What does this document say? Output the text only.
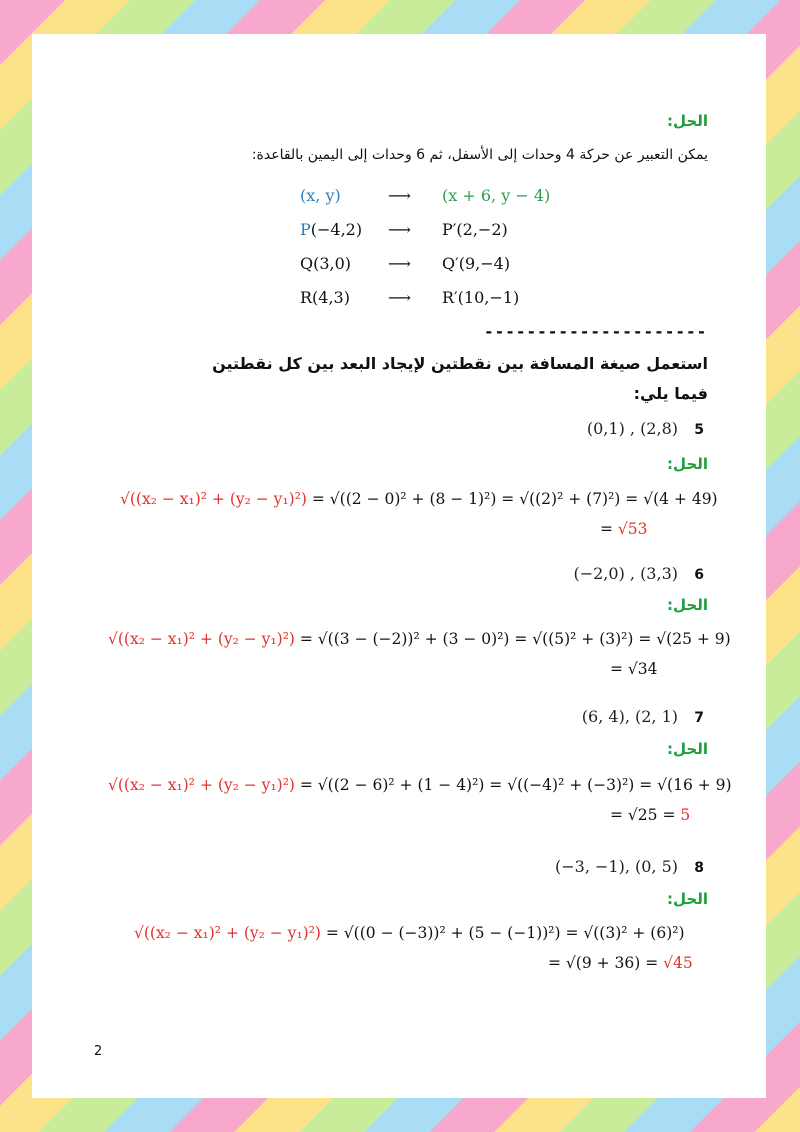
الحل:
يمكن التعبير عن حركة 4 وحدات إلى الأسفل، ثم 6 وحدات إلى اليمين بالقاعدة:
(x, y)	⟶ (x + 6, y − 4)
P(−4,2) ⟶ P′(2,−2)
Q(3,0) ⟶ Q′(9,−4)
R(4,3) ⟶ R′(10,−1)
---------------------
استعمل صيغة المسافة بين نقطتين لإيجاد البعد بين كل نقطتين
فيما يلي:
5
(0,1) , (2,8)
الحل:
√((x₂ − x₁)² + (y₂ − y₁)²) = √((2 − 0)² + (8 − 1)²) = √((2)² + (7)²) = √(4 + 49)
= √53
6
(−2,0) , (3,3)
الحل:
√((x₂ − x₁)² + (y₂ − y₁)²) = √((3 − (−2))² + (3 − 0)²) = √((5)² + (3)²) = √(25 + 9)
= √34
7
(6, 4), (2, 1)
الحل:
√((x₂ − x₁)² + (y₂ − y₁)²) = √((2 − 6)² + (1 − 4)²) = √((−4)² + (−3)²) = √(16 + 9)
= √25 = 5
8
(−3, −1), (0, 5)
الحل:
√((x₂ − x₁)² + (y₂ − y₁)²) = √((0 − (−3))² + (5 − (−1))²) = √((3)² + (6)²)
= √(9 + 36) = √45
2
